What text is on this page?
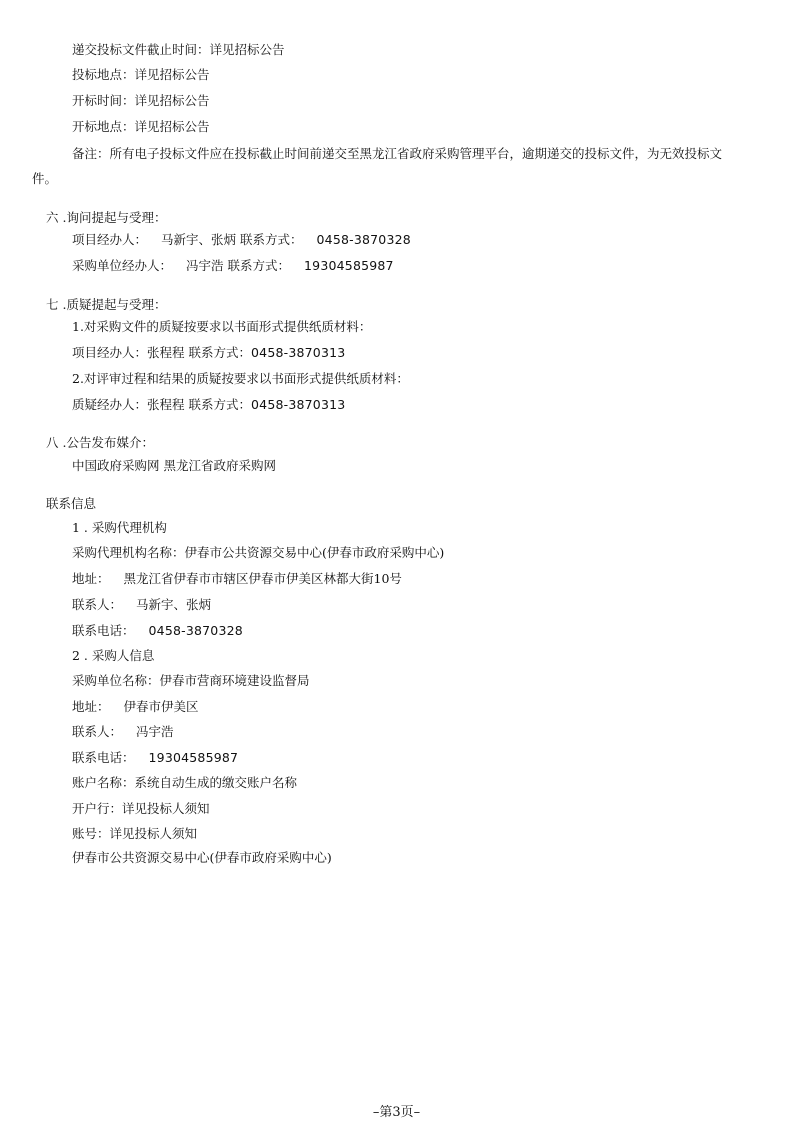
递交投标文件截止时间：详见招标公告
投标地点：详见招标公告
开标时间：详见招标公告
开标地点：详见招标公告
备注：所有电子投标文件应在投标截止时间前递交至黑龙江省政府采购管理平台，逾期递交的投标文件，为无效投标文
件。
六 .询问提起与受理：
项目经办人： 马新宇、张炳 联系方式： 0458-3870328
采购单位经办人： 冯宇浩 联系方式： 19304585987
七 .质疑提起与受理：
1.对采购文件的质疑按要求以书面形式提供纸质材料：
项目经办人：张程程 联系方式：0458-3870313
2.对评审过程和结果的质疑按要求以书面形式提供纸质材料：
质疑经办人：张程程 联系方式：0458-3870313
八 .公告发布媒介：
中国政府采购网 黑龙江省政府采购网
联系信息
1 . 采购代理机构
采购代理机构名称：伊春市公共资源交易中心(伊春市政府采购中心)
地址： 黑龙江省伊春市市辖区伊春市伊美区林都大街10号
联系人： 马新宇、张炳
联系电话： 0458-3870328
2 . 采购人信息
采购单位名称：伊春市营商环境建设监督局
地址： 伊春市伊美区
联系人： 冯宇浩
联系电话： 19304585987
账户名称：系统自动生成的缴交账户名称
开户行：详见投标人须知
账号：详见投标人须知
伊春市公共资源交易中心(伊春市政府采购中心)
–第3页–
